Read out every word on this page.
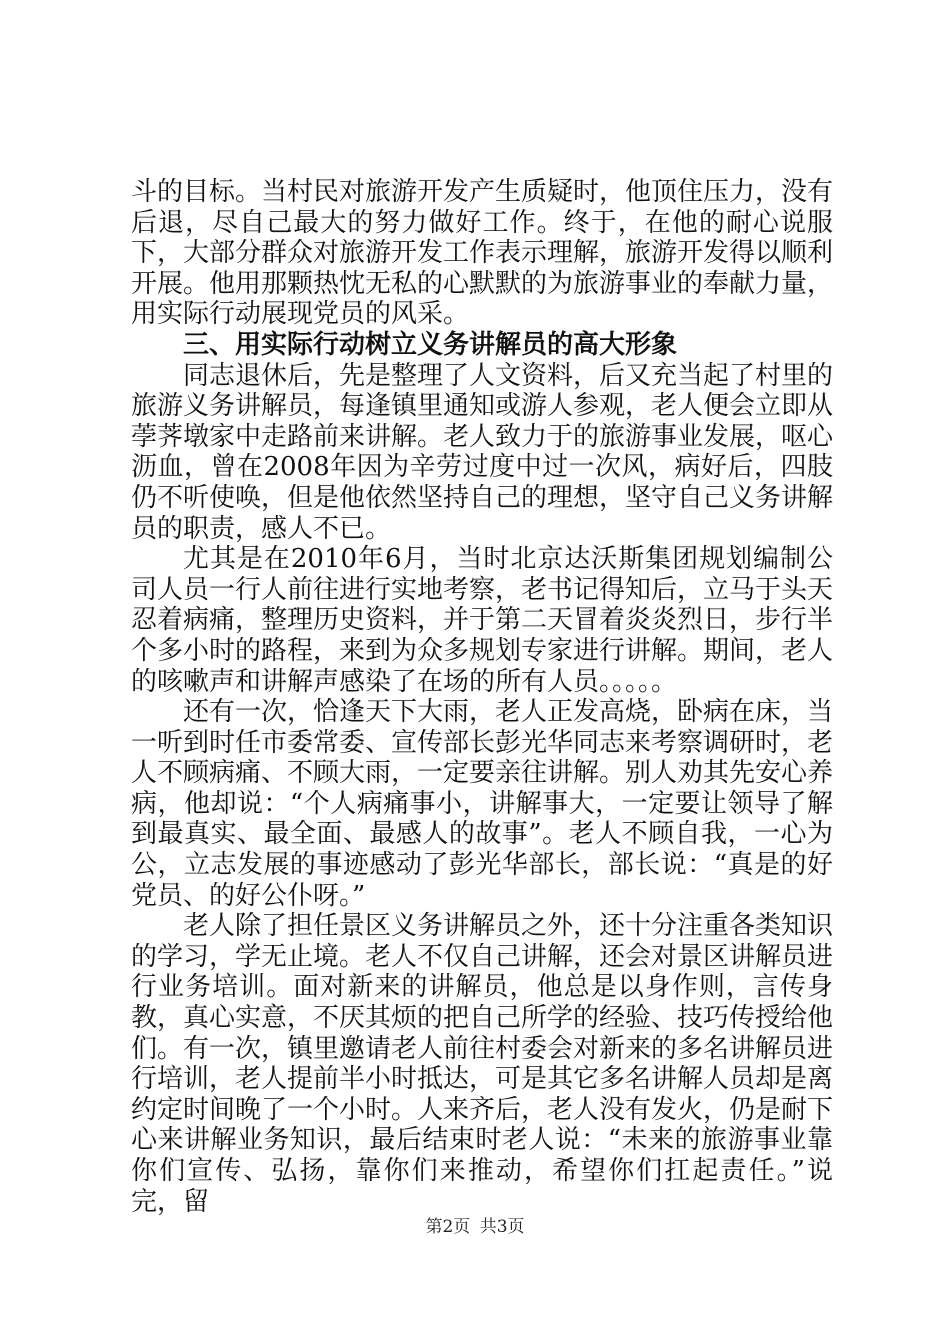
斗的目标。当村民对旅游开发产生质疑时，他顶住压力，没有后退，尽自己最大的努力做好工作。终于，在他的耐心说服下，大部分群众对旅游开发工作表示理解，旅游开发得以顺利开展。他用那颗热忱无私的心默默的为旅游事业的奉献力量，用实际行动展现党员的风采。

三、用实际行动树立义务讲解员的高大形象

同志退休后，先是整理了人文资料，后又充当起了村里的旅游义务讲解员，每逢镇里通知或游人参观，老人便会立即从荸荠墩家中走路前来讲解。老人致力于的旅游事业发展，呕心沥血，曾在2008年因为辛劳过度中过一次风，病好后，四肢仍不听使唤，但是他依然坚持自己的理想，坚守自己义务讲解员的职责，感人不已。

尤其是在2010年6月，当时北京达沃斯集团规划编制公司人员一行人前往进行实地考察，老书记得知后，立马于头天忍着病痛，整理历史资料，并于第二天冒着炎炎烈日，步行半个多小时的路程，来到为众多规划专家进行讲解。期间，老人的咳嗽声和讲解声感染了在场的所有人员。。。。。

还有一次，恰逢天下大雨，老人正发高烧，卧病在床，当一听到时任市委常委、宣传部长彭光华同志来考察调研时，老人不顾病痛、不顾大雨，一定要亲往讲解。别人劝其先安心养病，他却说：“个人病痛事小，讲解事大，一定要让领导了解到最真实、最全面、最感人的故事”。老人不顾自我，一心为公，立志发展的事迹感动了彭光华部长，部长说：“真是的好党员、的好公仆呀。”

老人除了担任景区义务讲解员之外，还十分注重各类知识的学习，学无止境。老人不仅自己讲解，还会对景区讲解员进行业务培训。面对新来的讲解员，他总是以身作则，言传身教，真心实意，不厌其烦的把自己所学的经验、技巧传授给他们。有一次，镇里邀请老人前往村委会对新来的多名讲解员进行培训，老人提前半小时抵达，可是其它多名讲解人员却是离约定时间晚了一个小时。人来齐后，老人没有发火，仍是耐下心来讲解业务知识，最后结束时老人说：“未来的旅游事业靠你们宣传、弘扬，靠你们来推动，希望你们扛起责任。”说完，留

第2页 共3页
